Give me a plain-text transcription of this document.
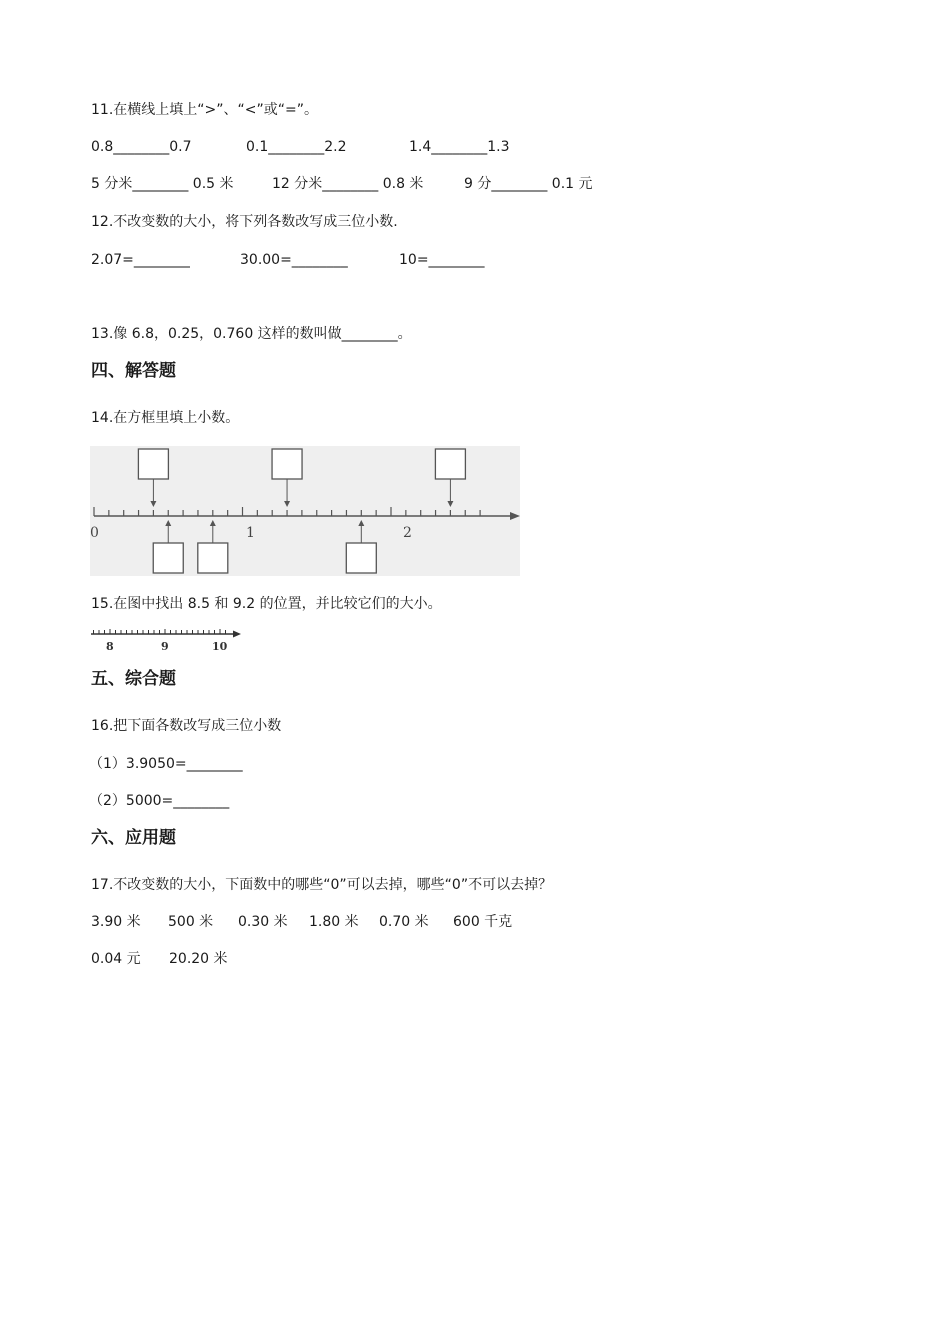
11.在横线上填上“>”、“<”或“=”。
0.8________0.7	0.1________2.2	1.4________1.3
5 分米________ 0.5 米	12 分米________ 0.8 米	9 分________ 0.1 元
12.不改变数的大小，将下列各数改写成三位小数.
2.07=________	30.00=________	10=________
13.像 6.8，0.25，0.760 这样的数叫做________。
四、解答题
14.在方框里填上小数。
0	1	2
15.在图中找出 8.5 和 9.2 的位置，并比较它们的大小。
8	9	10
五、综合题
16.把下面各数改写成三位小数
（1）3.9050=________
（2）5000=________
六、应用题
17.不改变数的大小，下面数中的哪些“0”可以去掉，哪些“0”不可以去掉？
3.90 米 500 米 0.30 米 1.80 米 0.70 米 600 千克
0.04 元 20.20 米
